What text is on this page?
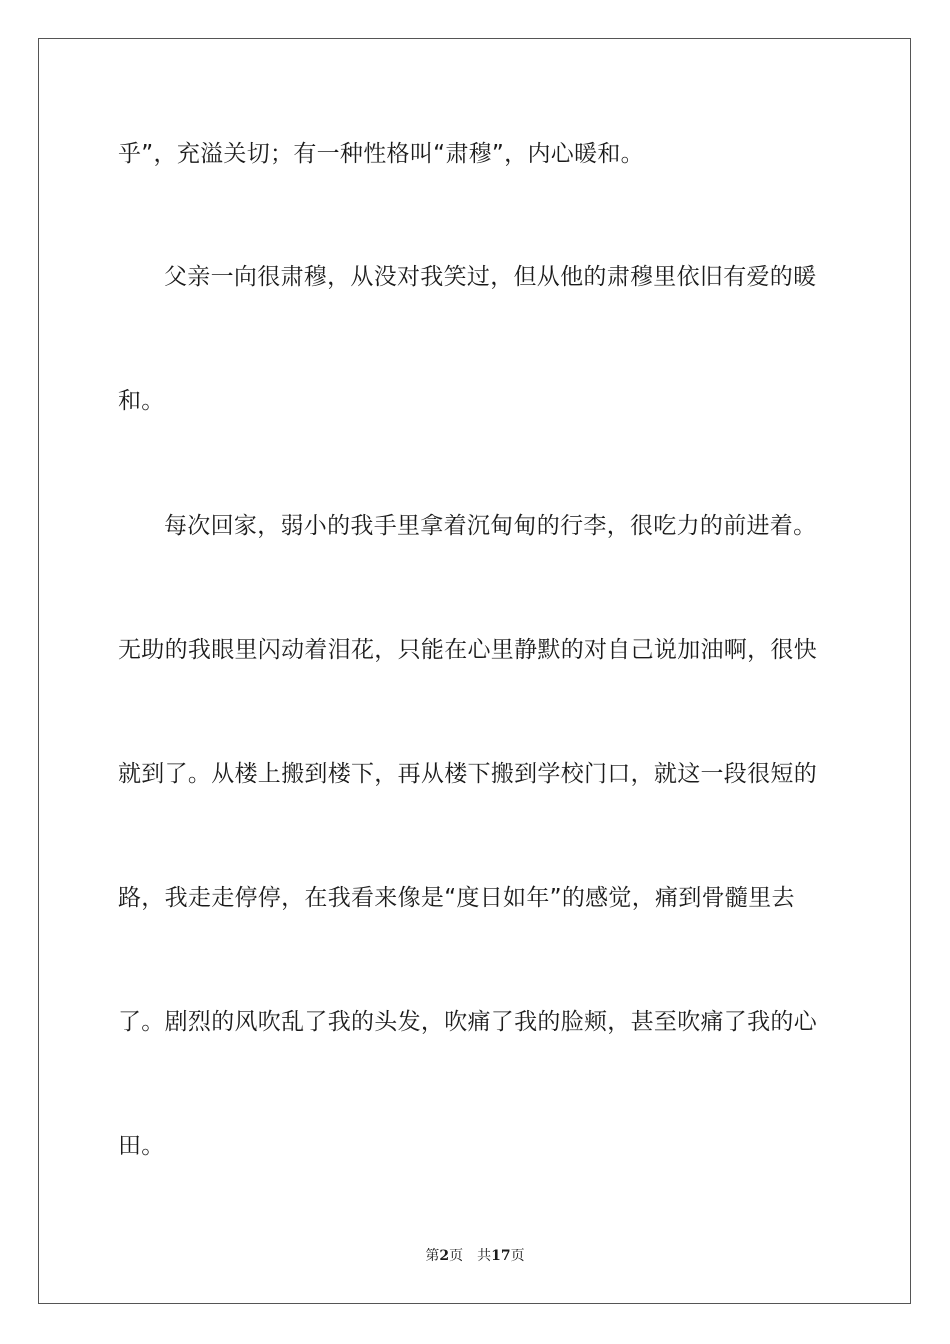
乎”，充溢关切；有一种性格叫“肃穆”，内心暖和。
父亲一向很肃穆，从没对我笑过，但从他的肃穆里依旧有爱的暖
和。
每次回家，弱小的我手里拿着沉甸甸的行李，很吃力的前进着。
无助的我眼里闪动着泪花，只能在心里静默的对自己说加油啊，很快
就到了。从楼上搬到楼下，再从楼下搬到学校门口，就这一段很短的
路，我走走停停，在我看来像是“度日如年”的感觉，痛到骨髓里去
了。剧烈的风吹乱了我的头发，吹痛了我的脸颊，甚至吹痛了我的心
田。
第2页 共17页
